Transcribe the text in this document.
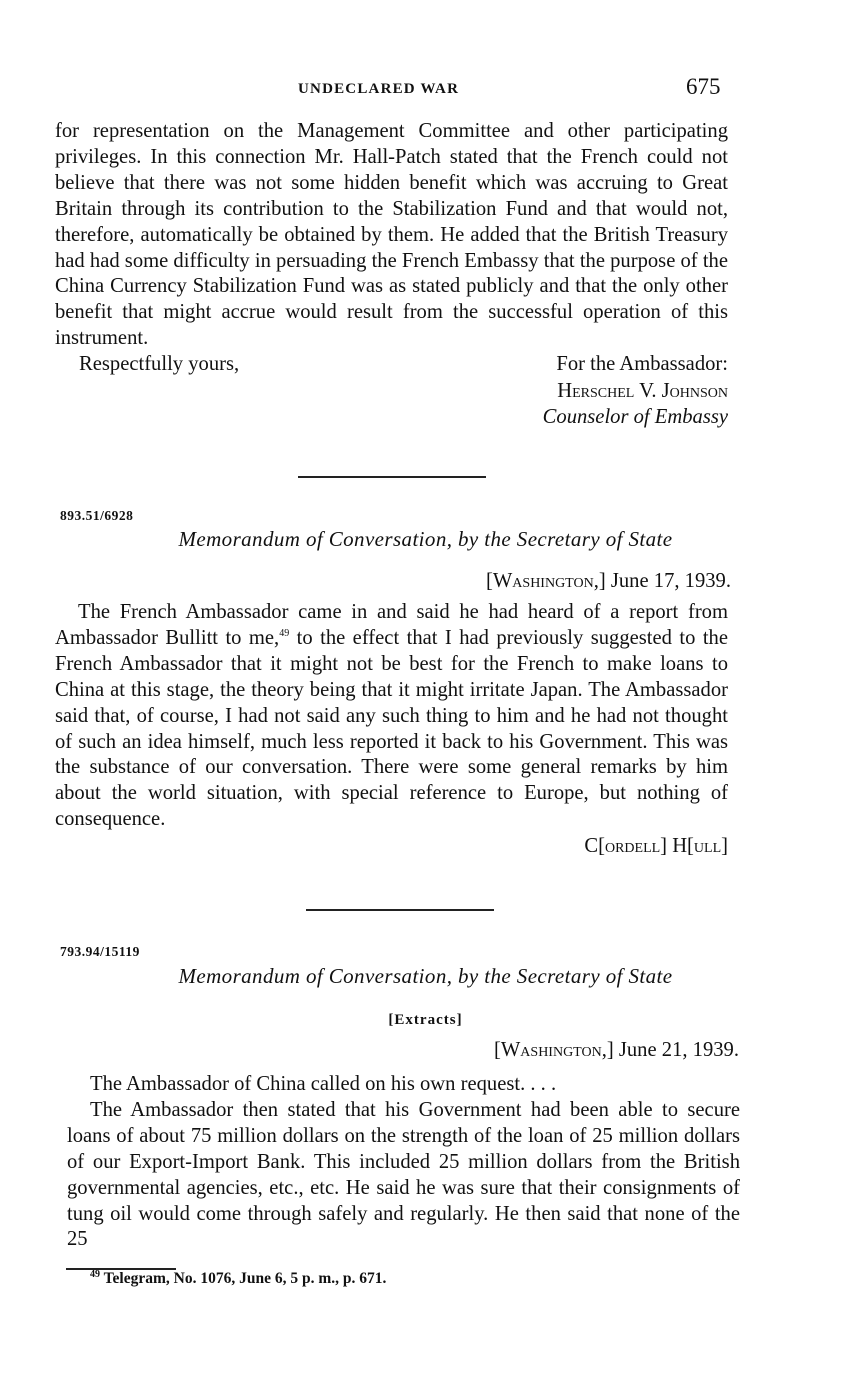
UNDECLARED WAR	675

for representation on the Management Committee and other participating privileges. In this connection Mr. Hall-Patch stated that the French could not believe that there was not some hidden benefit which was accruing to Great Britain through its contribution to the Stabilization Fund and that would not, therefore, automatically be obtained by them. He added that the British Treasury had had some difficulty in persuading the French Embassy that the purpose of the China Currency Stabilization Fund was as stated publicly and that the only other benefit that might accrue would result from the successful operation of this instrument.

Respectfully yours,	For the Ambassador:
Herschel V. Johnson
Counselor of Embassy
893.51/6928
Memorandum of Conversation, by the Secretary of State
[Washington,] June 17, 1939.

The French Ambassador came in and said he had heard of a report from Ambassador Bullitt to me,$^{49}$ to the effect that I had previously suggested to the French Ambassador that it might not be best for the French to make loans to China at this stage, the theory being that it might irritate Japan. The Ambassador said that, of course, I had not said any such thing to him and he had not thought of such an idea himself, much less reported it back to his Government. This was the substance of our conversation. There were some general remarks by him about the world situation, with special reference to Europe, but nothing of consequence.

C[ordell] H[ull]
793.94/15119
Memorandum of Conversation, by the Secretary of State
[Extracts]
[Washington,] June 21, 1939.

The Ambassador of China called on his own request. . . .

The Ambassador then stated that his Government had been able to secure loans of about 75 million dollars on the strength of the loan of 25 million dollars of our Export-Import Bank. This included 25 million dollars from the British governmental agencies, etc., etc. He said he was sure that their consignments of tung oil would come through safely and regularly. He then said that none of the 25

$^{49}$ Telegram, No. 1076, June 6, 5 p. m., p. 671.
